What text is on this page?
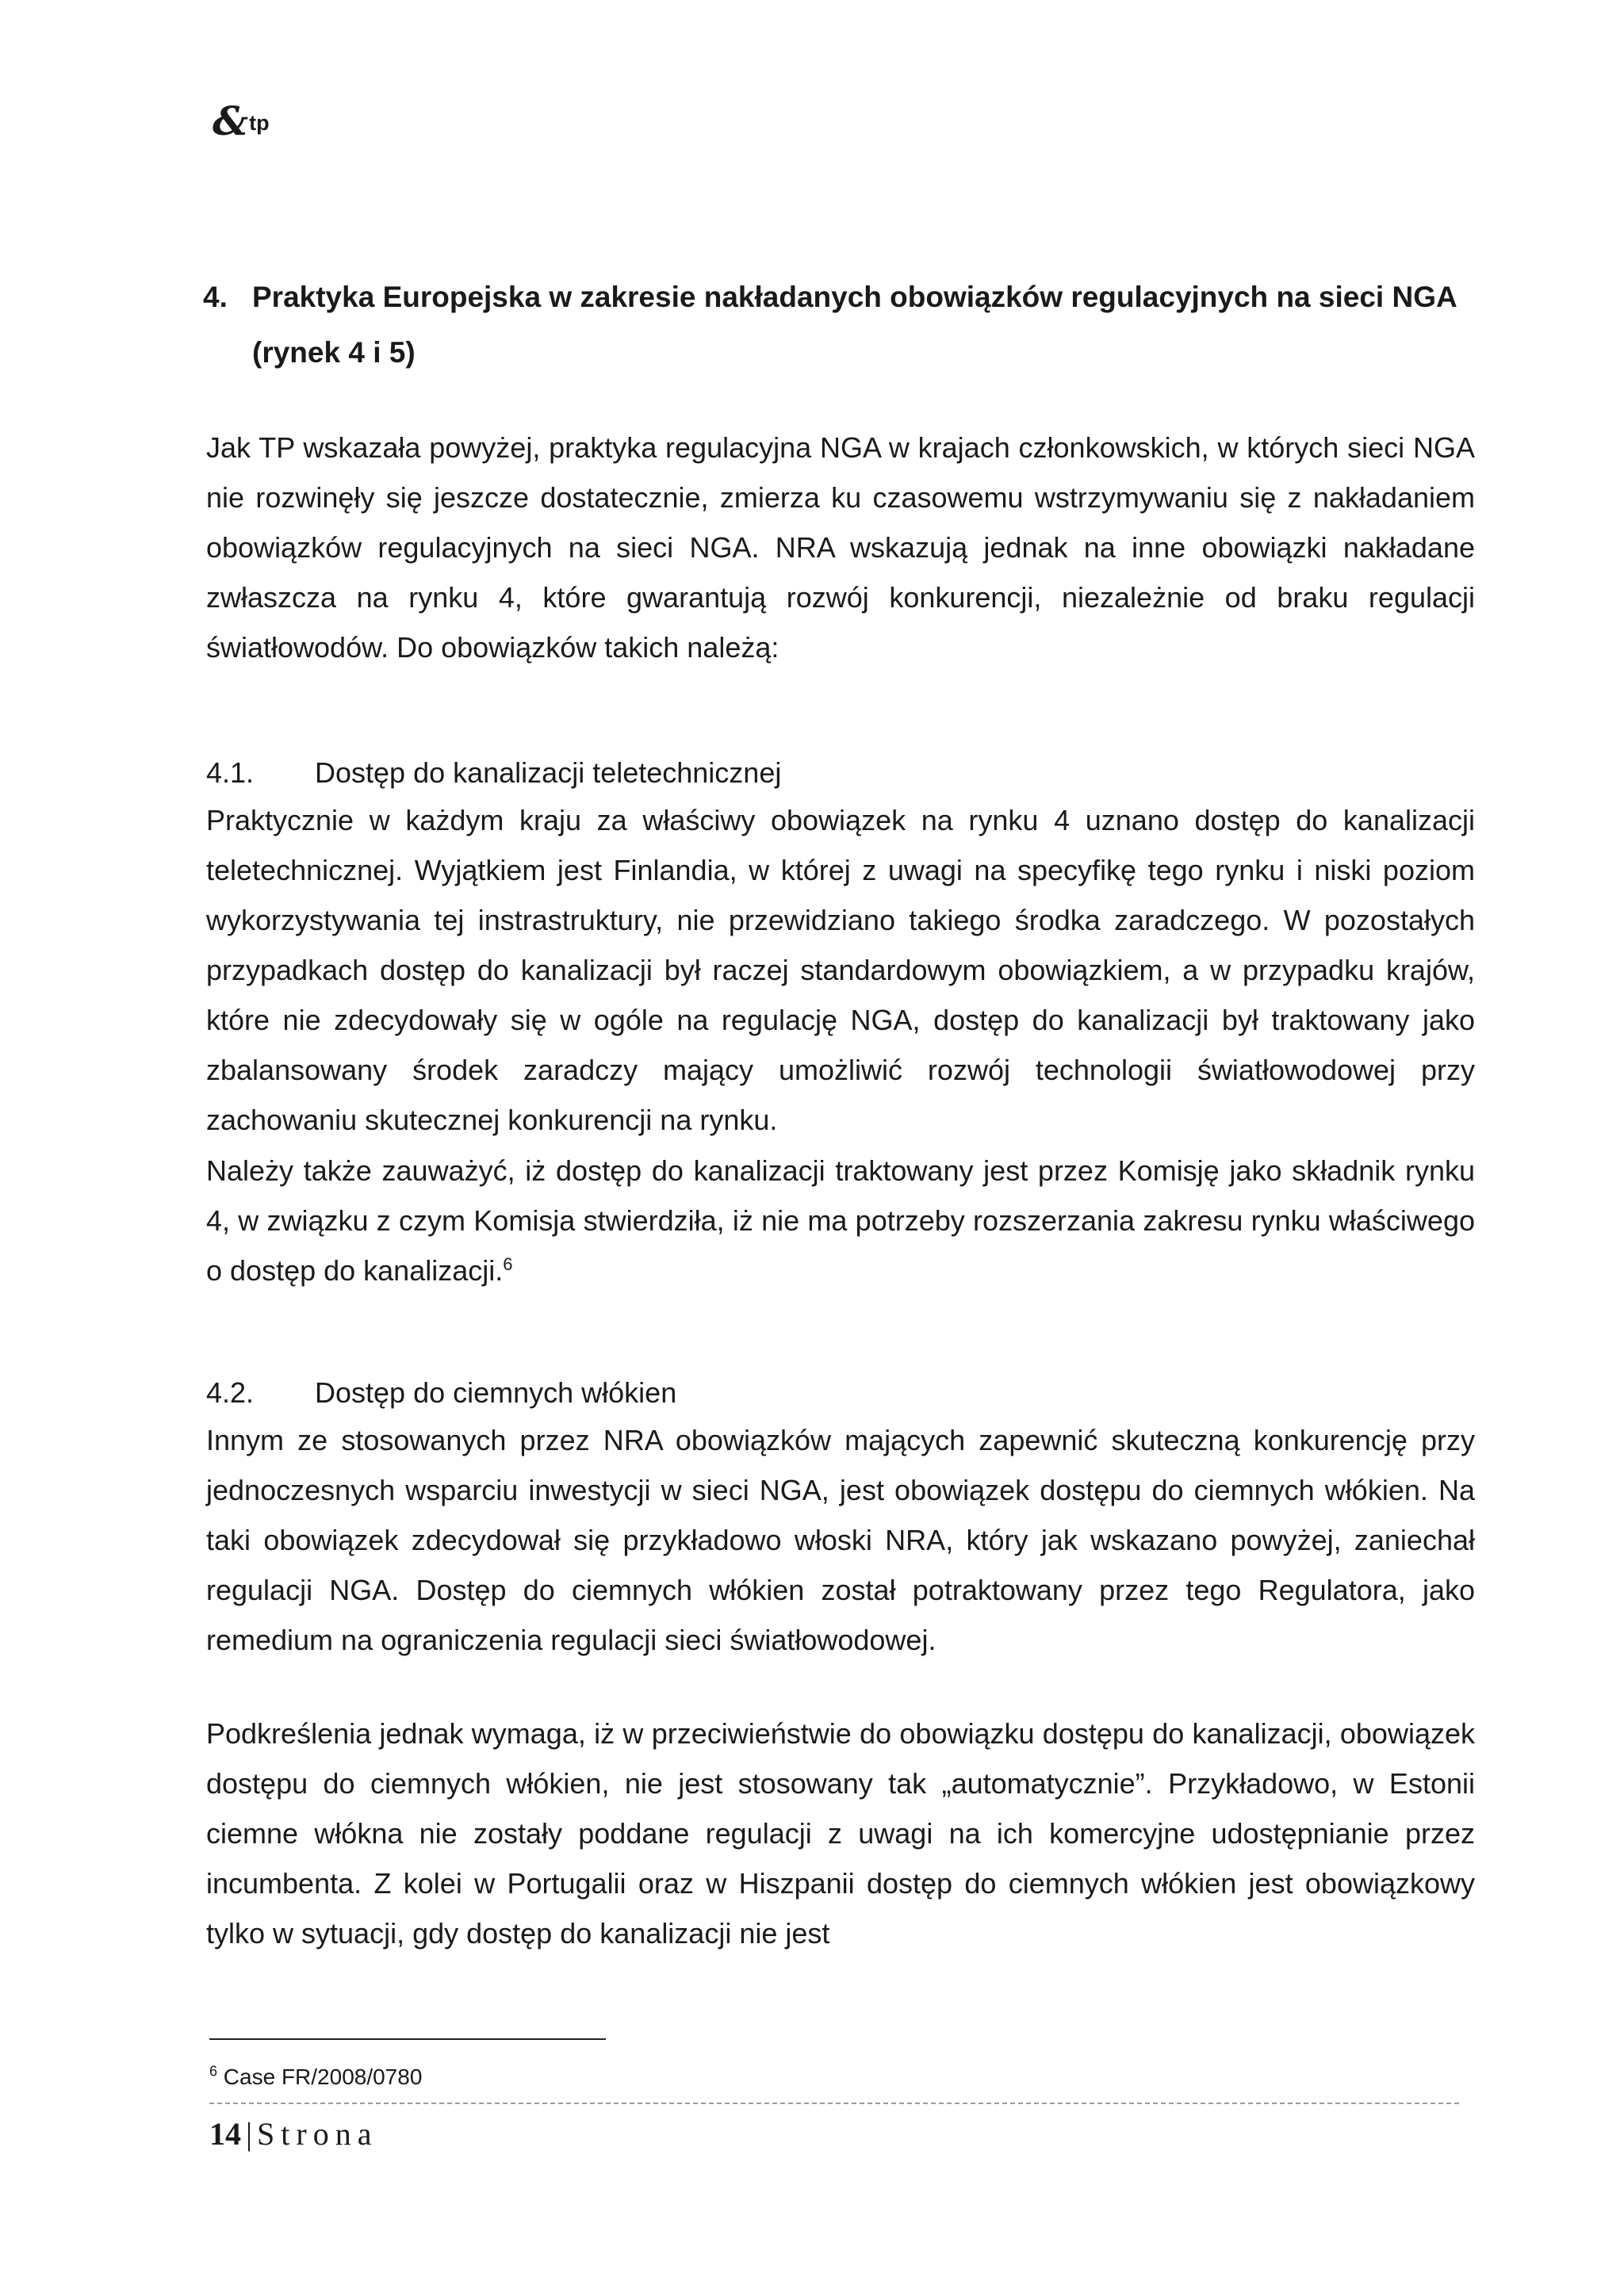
& tp
4. Praktyka Europejska w zakresie nakładanych obowiązków regulacyjnych na sieci NGA (rynek 4 i 5)

Jak TP wskazała powyżej, praktyka regulacyjna NGA w krajach członkowskich, w których sieci NGA nie rozwinęły się jeszcze dostatecznie, zmierza ku czasowemu wstrzymywaniu się z nakładaniem obowiązków regulacyjnych na sieci NGA. NRA wskazują jednak na inne obowiązki nakładane zwłaszcza na rynku 4, które gwarantują rozwój konkurencji, niezależnie od braku regulacji światłowodów. Do obowiązków takich należą:

4.1. Dostęp do kanalizacji teletechnicznej

Praktycznie w każdym kraju za właściwy obowiązek na rynku 4 uznano dostęp do kanalizacji teletechnicznej. Wyjątkiem jest Finlandia, w której z uwagi na specyfikę tego rynku i niski poziom wykorzystywania tej instrastruktury, nie przewidziano takiego środka zaradczego. W pozostałych przypadkach dostęp do kanalizacji był raczej standardowym obowiązkiem, a w przypadku krajów, które nie zdecydowały się w ogóle na regulację NGA, dostęp do kanalizacji był traktowany jako zbalansowany środek zaradczy mający umożliwić rozwój technologii światłowodowej przy zachowaniu skutecznej konkurencji na rynku.

Należy także zauważyć, iż dostęp do kanalizacji traktowany jest przez Komisję jako składnik rynku 4, w związku z czym Komisja stwierdziła, iż nie ma potrzeby rozszerzania zakresu rynku właściwego o dostęp do kanalizacji.$^6$

4.2. Dostęp do ciemnych włókien

Innym ze stosowanych przez NRA obowiązków mających zapewnić skuteczną konkurencję przy jednoczesnych wsparciu inwestycji w sieci NGA, jest obowiązek dostępu do ciemnych włókien. Na taki obowiązek zdecydował się przykładowo włoski NRA, który jak wskazano powyżej, zaniechał regulacji NGA. Dostęp do ciemnych włókien został potraktowany przez tego Regulatora, jako remedium na ograniczenia regulacji sieci światłowodowej.

Podkreślenia jednak wymaga, iż w przeciwieństwie do obowiązku dostępu do kanalizacji, obowiązek dostępu do ciemnych włókien, nie jest stosowany tak „automatycznie”. Przykładowo, w Estonii ciemne włókna nie zostały poddane regulacji z uwagi na ich komercyjne udostępnianie przez incumbenta. Z kolei w Portugalii oraz w Hiszpanii dostęp do ciemnych włókien jest obowiązkowy tylko w sytuacji, gdy dostęp do kanalizacji nie jest

$^6$ Case FR/2008/0780
14 | Strona
